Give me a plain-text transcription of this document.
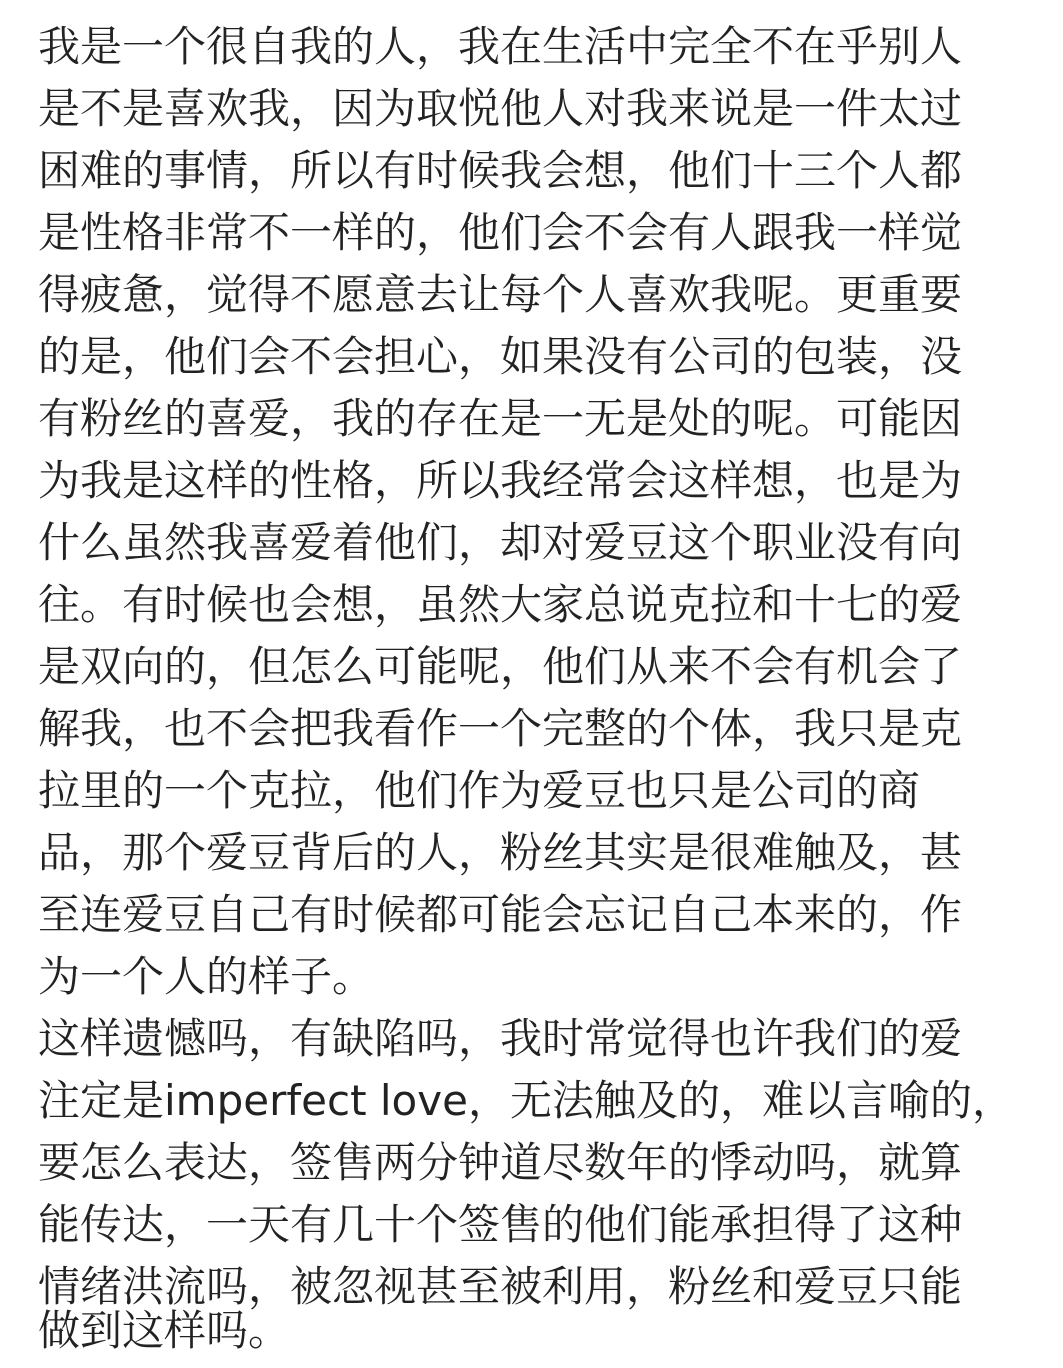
我是一个很自我的人，我在生活中完全不在乎别人
是不是喜欢我，因为取悦他人对我来说是一件太过
困难的事情，所以有时候我会想，他们十三个人都
是性格非常不一样的，他们会不会有人跟我一样觉
得疲惫，觉得不愿意去让每个人喜欢我呢。更重要
的是，他们会不会担心，如果没有公司的包装，没
有粉丝的喜爱，我的存在是一无是处的呢。可能因
为我是这样的性格，所以我经常会这样想，也是为
什么虽然我喜爱着他们，却对爱豆这个职业没有向
往。有时候也会想，虽然大家总说克拉和十七的爱
是双向的，但怎么可能呢，他们从来不会有机会了
解我，也不会把我看作一个完整的个体，我只是克
拉里的一个克拉，他们作为爱豆也只是公司的商
品，那个爱豆背后的人，粉丝其实是很难触及，甚
至连爱豆自己有时候都可能会忘记自己本来的，作
为一个人的样子。
这样遗憾吗，有缺陷吗，我时常觉得也许我们的爱
注定是imperfect love，无法触及的，难以言喻的，
要怎么表达，签售两分钟道尽数年的悸动吗，就算
能传达，一天有几十个签售的他们能承担得了这种
情绪洪流吗，被忽视甚至被利用，粉丝和爱豆只能
做到这样吗。
